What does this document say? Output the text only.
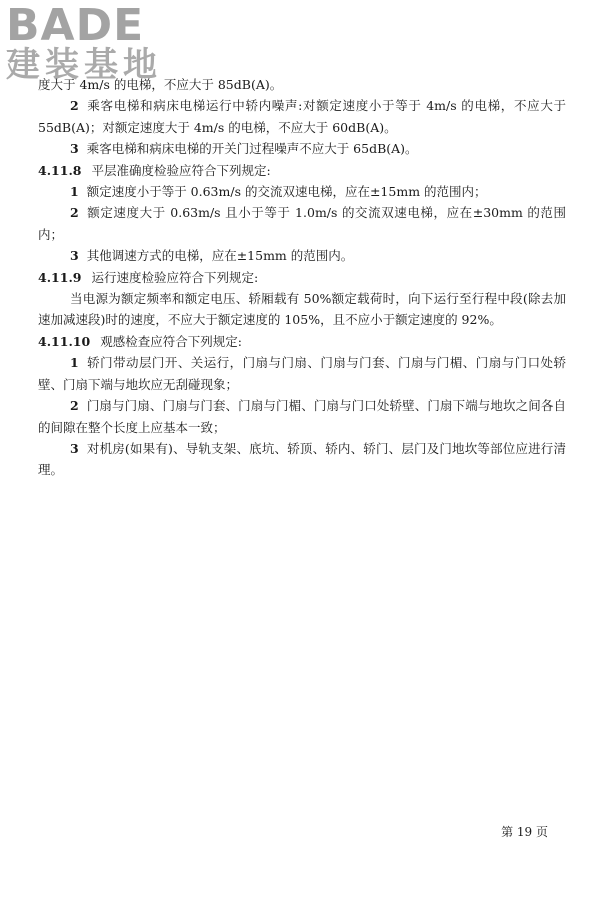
BADE
建装基地

度大于 4m/s 的电梯，不应大于 85dB(A)。

2 乘客电梯和病床电梯运行中轿内噪声:对额定速度小于等于 4m/s 的电梯，不应大于 55dB(A)；对额定速度大于 4m/s 的电梯，不应大于 60dB(A)。

3 乘客电梯和病床电梯的开关门过程噪声不应大于 65dB(A)。

4.11.8 平层准确度检验应符合下列规定:

1 额定速度小于等于 0.63m/s 的交流双速电梯，应在±15mm 的范围内；

2 额定速度大于 0.63m/s 且小于等于 1.0m/s 的交流双速电梯，应在±30mm 的范围内；

3 其他调速方式的电梯，应在±15mm 的范围内。

4.11.9 运行速度检验应符合下列规定:

当电源为额定频率和额定电压、轿厢载有 50%额定载荷时，向下运行至行程中段(除去加速加减速段)时的速度，不应大于额定速度的 105%，且不应小于额定速度的 92%。

4.11.10 观感检查应符合下列规定:

1 轿门带动层门开、关运行，门扇与门扇、门扇与门套、门扇与门楣、门扇与门口处轿壁、门扇下端与地坎应无刮碰现象；

2 门扇与门扇、门扇与门套、门扇与门楣、门扇与门口处轿壁、门扇下端与地坎之间各自的间隙在整个长度上应基本一致；

3 对机房(如果有)、导轨支架、底坑、轿顶、轿内、轿门、层门及门地坎等部位应进行清理。

第 19 页
